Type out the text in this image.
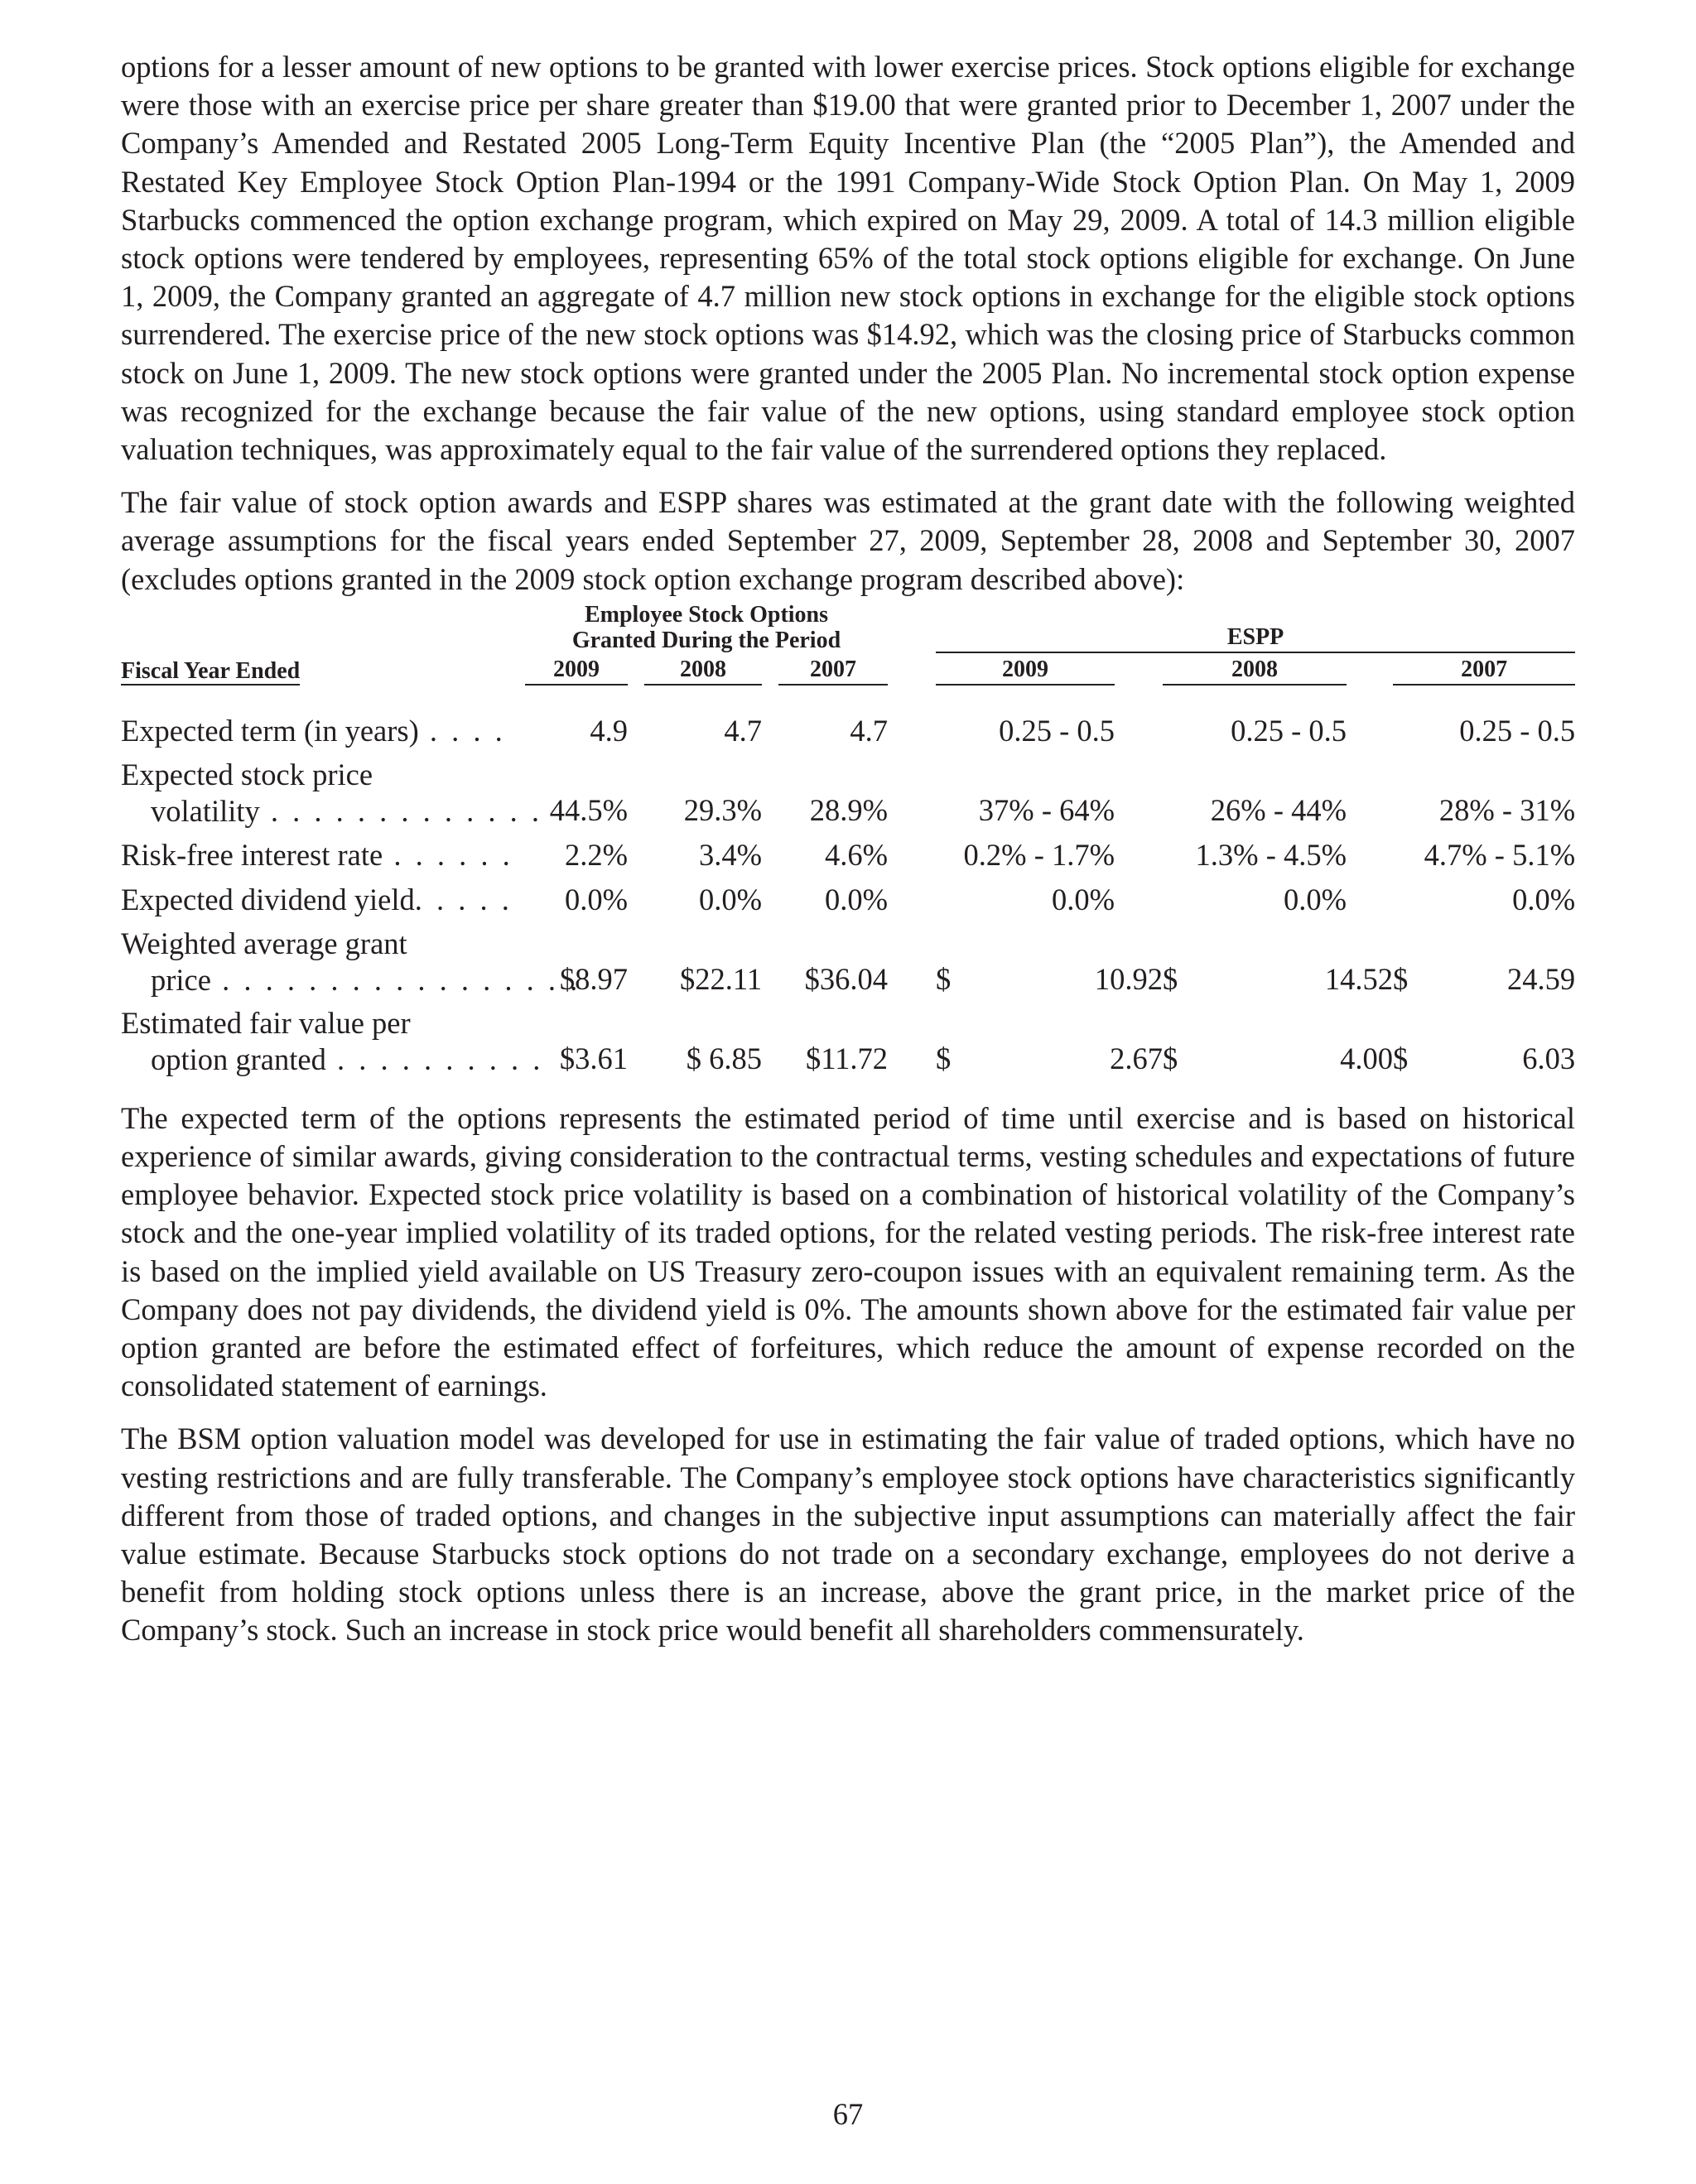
options for a lesser amount of new options to be granted with lower exercise prices. Stock options eligible for exchange were those with an exercise price per share greater than $19.00 that were granted prior to December 1, 2007 under the Company’s Amended and Restated 2005 Long-Term Equity Incentive Plan (the “2005 Plan”), the Amended and Restated Key Employee Stock Option Plan-1994 or the 1991 Company-Wide Stock Option Plan. On May 1, 2009 Starbucks commenced the option exchange program, which expired on May 29, 2009. A total of 14.3 million eligible stock options were tendered by employees, representing 65% of the total stock options eligible for exchange. On June 1, 2009, the Company granted an aggregate of 4.7 million new stock options in exchange for the eligible stock options surrendered. The exercise price of the new stock options was $14.92, which was the closing price of Starbucks common stock on June 1, 2009. The new stock options were granted under the 2005 Plan. No incremental stock option expense was recognized for the exchange because the fair value of the new options, using standard employee stock option valuation techniques, was approximately equal to the fair value of the surrendered options they replaced.

The fair value of stock option awards and ESPP shares was estimated at the grant date with the following weighted average assumptions for the fiscal years ended September 27, 2009, September 28, 2008 and September 30, 2007 (excludes options granted in the 2009 stock option exchange program described above):

	Employee Stock Options
Granted During the Period						ESPP							

Fiscal Year Ended	2009		2008		2007		2009			2008			2007	

Expected term (in years) . . . .	4.9		4.7		4.7			0.25 - 0.5			0.25 - 0.5			0.25 - 0.5

Expected stock price
volatility . . . . . . . . . . . . .	44.5%		29.3%		28.9%			37% - 64%			26% - 44%			28% - 31%
Risk-free interest rate . . . . . .	2.2%		3.4%		4.6%		0.2% - 1.7%			1.3% - 4.5%			4.7% - 5.1%	
Expected dividend yield. . . . .	0.0%		0.0%		0.0%			0.0%			0.0%			0.0%

Weighted average grant
price . . . . . . . . . . . . . . . . .	$8.97		$22.11		$36.04		$	10.92		$	14.52		$	24.59

Estimated fair value per
option granted . . . . . . . . . .	$3.61		$ 6.85		$11.72		$	2.67		$	4.00		$	6.03

The expected term of the options represents the estimated period of time until exercise and is based on historical experience of similar awards, giving consideration to the contractual terms, vesting schedules and expectations of future employee behavior. Expected stock price volatility is based on a combination of historical volatility of the Company’s stock and the one-year implied volatility of its traded options, for the related vesting periods. The risk-free interest rate is based on the implied yield available on US Treasury zero-coupon issues with an equivalent remaining term. As the Company does not pay dividends, the dividend yield is 0%. The amounts shown above for the estimated fair value per option granted are before the estimated effect of forfeitures, which reduce the amount of expense recorded on the consolidated statement of earnings.

The BSM option valuation model was developed for use in estimating the fair value of traded options, which have no vesting restrictions and are fully transferable. The Company’s employee stock options have characteristics significantly different from those of traded options, and changes in the subjective input assumptions can materially affect the fair value estimate. Because Starbucks stock options do not trade on a secondary exchange, employees do not derive a benefit from holding stock options unless there is an increase, above the grant price, in the market price of the Company’s stock. Such an increase in stock price would benefit all shareholders commensurately.

67
